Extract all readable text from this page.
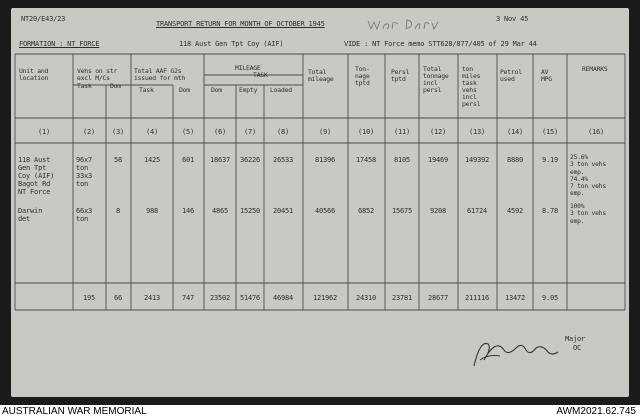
NT20/E43/23
TRANSPORT RETURN FOR MONTH OF OCTOBER 1945
3 Nov 45
FORMATION : NT FORCE	118 Aust Gen Tpt Coy (AIF)	VIDE : NT Force memo STT628/877/405 of 29 Mar 44
Unit and
location
Vehs on str
excl M/Cs
Task	Dom
Total AAF G2s
issued for mth
Task	Dom
MILEAGE
TASK
Dom	Empty Loaded
Total
mileage
Ton-
nage
tptd
Persl
tptd
Total
tonnage
incl
persl
ton
miles
task
vehs
incl
persl
Petrol
used
AV
MPG
REMARKS
(1)	(2) (3)	(4)	(5)	(6)	(7)	(8)	(9)	(10)	(11)	(12)	(13)	(14)	(15)	(16)
118 Aust
Gen Tpt
Coy (AIF)
Bagot Rd
NT Force
96x7
ton
33x3
ton
58	1425	601 18637 36226 26533	81396	17458	8105	19469 149392	8880	9.19 25.6%
3 ton vehs
emp.
74.4%
7 ton vehs
emp.
Darwin
det
66x3
ton
8	988	146	4865 15250 20451	40566	6852	15675	9208	61724	4592	8.78
100%
3 ton vehs
emp.
195	66	2413	747 23502 51476 46984	121962	24310 23781 28677 211116 13472 9.05
Major
OC
AUSTRALIAN WAR MEMORIAL	AWM2021.62.745
